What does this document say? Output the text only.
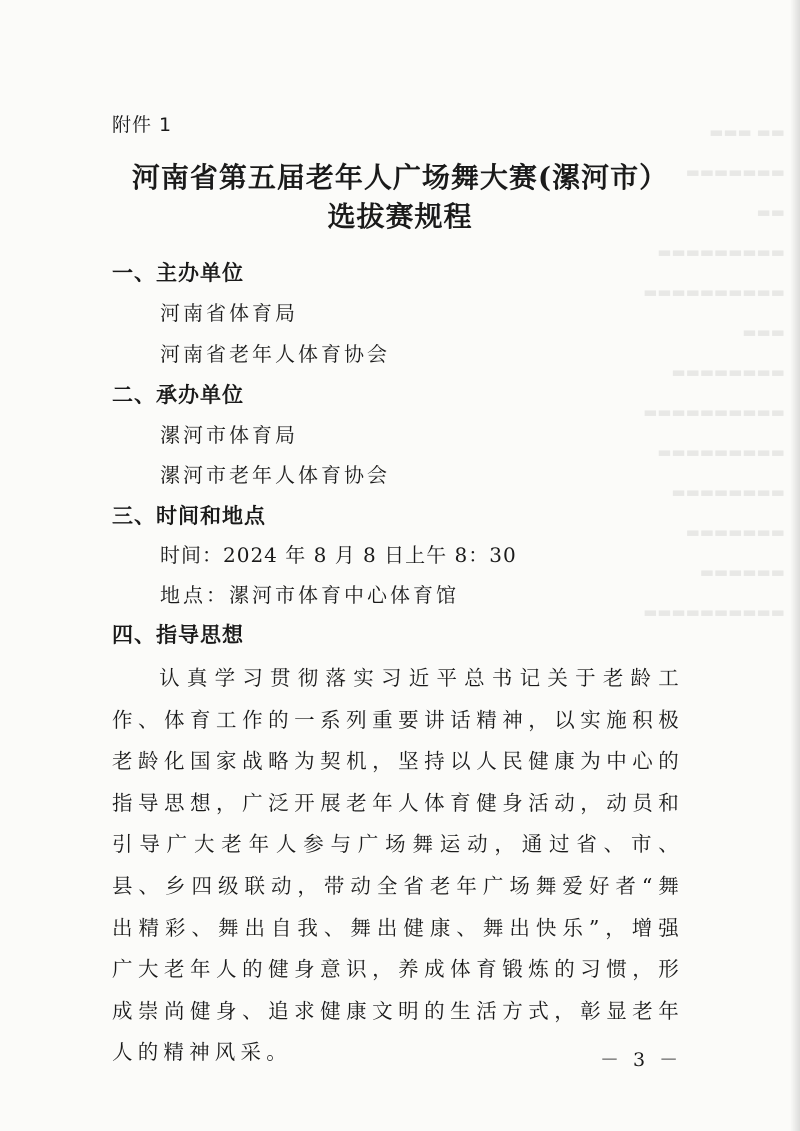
▬▬ ▬▬▬
▬▬▬▬▬▬▬
▬▬
▬▬▬▬▬▬▬▬▬
▬▬▬▬▬▬▬▬▬▬
▬▬▬
▬▬▬▬▬▬▬▬
▬▬▬▬▬▬▬▬▬▬
▬▬▬▬▬▬▬▬▬
▬▬▬▬▬▬▬▬
▬▬▬▬▬▬▬
▬▬▬▬▬▬
▬▬▬▬▬▬▬▬▬▬
附件 1
河南省第五届老年人广场舞大赛(漯河市）
选拔赛规程
一、主办单位
河南省体育局
河南省老年人体育协会
二、承办单位
漯河市体育局
漯河市老年人体育协会
三、时间和地点
时间：2024 年 8 月 8 日上午 8：30
地点：漯河市体育中心体育馆
四、指导思想
认真学习贯彻落实习近平总书记关于老龄工作、体育工作的一系列重要讲话精神，以实施积极老龄化国家战略为契机，坚持以人民健康为中心的指导思想，广泛开展老年人体育健身活动，动员和引导广大老年人参与广场舞运动，通过省、市、县、乡四级联动，带动全省老年广场舞爱好者“舞出精彩、舞出自我、舞出健康、舞出快乐”，增强广大老年人的健身意识，养成体育锻炼的习惯，形成崇尚健身、追求健康文明的生活方式，彰显老年人的精神风采。	－ 3 －
